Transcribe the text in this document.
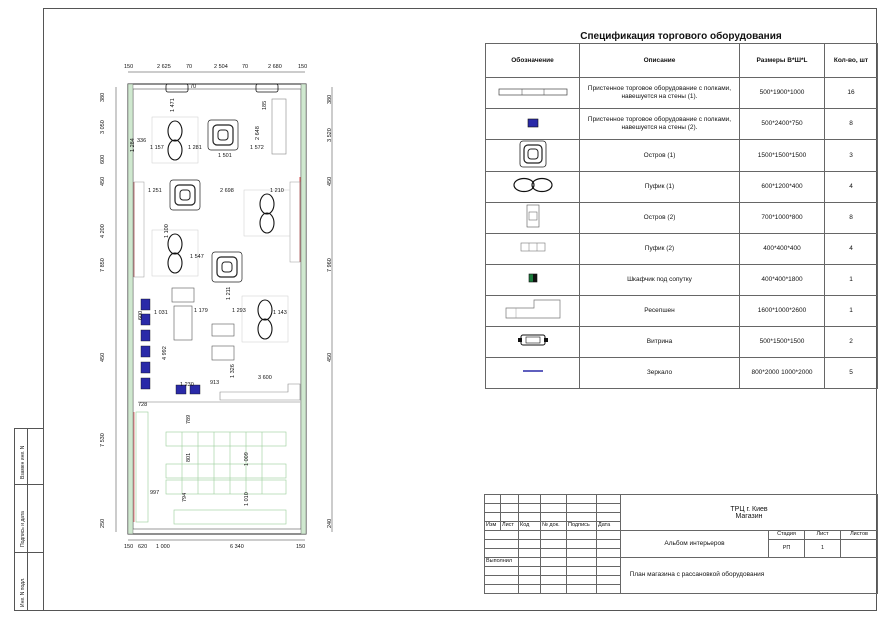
Взамен инв. N
Подпись и дата
Инв. N подл.
Спецификация торгового оборудования
Обозначение	Описание	Размеры В*Ш*L	Кол-во, шт
	Пристенное торговое оборудование с полками, навешуется на стены (1).	500*1900*1000	16
	Пристенное торговое оборудование с полками, навешуется на стены (2).	500*2400*750	8
	Остров (1)	1500*1500*1500	3
	Пуфик (1)	600*1200*400	4
	Остров (2)	700*1000*800	8
	Пуфик (2)	400*400*400	4
	Шкафчик под сопутку	400*400*1800	1
	Ресепшен	1600*1000*2600	1
	Витрина	500*1500*1500	2
	Зеркало	800*2000 1000*2000	5
150	2 625	70	2 504	70	2 680	150
150 620 1 000	6 340	150
380
3 050
600
450
4 200
7 850
450
7 530
250
380
3 520
450
7 960
450
240
1 471
1 157	1 281
1 501
1 572
2 648
1 251	2 698	1 210
1 100
1 547
1 031	1 179	1 293	1 143
1 211
4 992
1 326	3 600
913
1 230
728
789
801	1 009
997	794	1 010
1 284 336
600
185
70

						ТРЦ г. Киев
Магазин			

Изм	Лист	Код	№ док.	Подпись	Дата				
						Альбом интерьеров	Стадия	Лист	Листов
							РП	1	

Выполнил						План магазина с рассановкой оборудования			
